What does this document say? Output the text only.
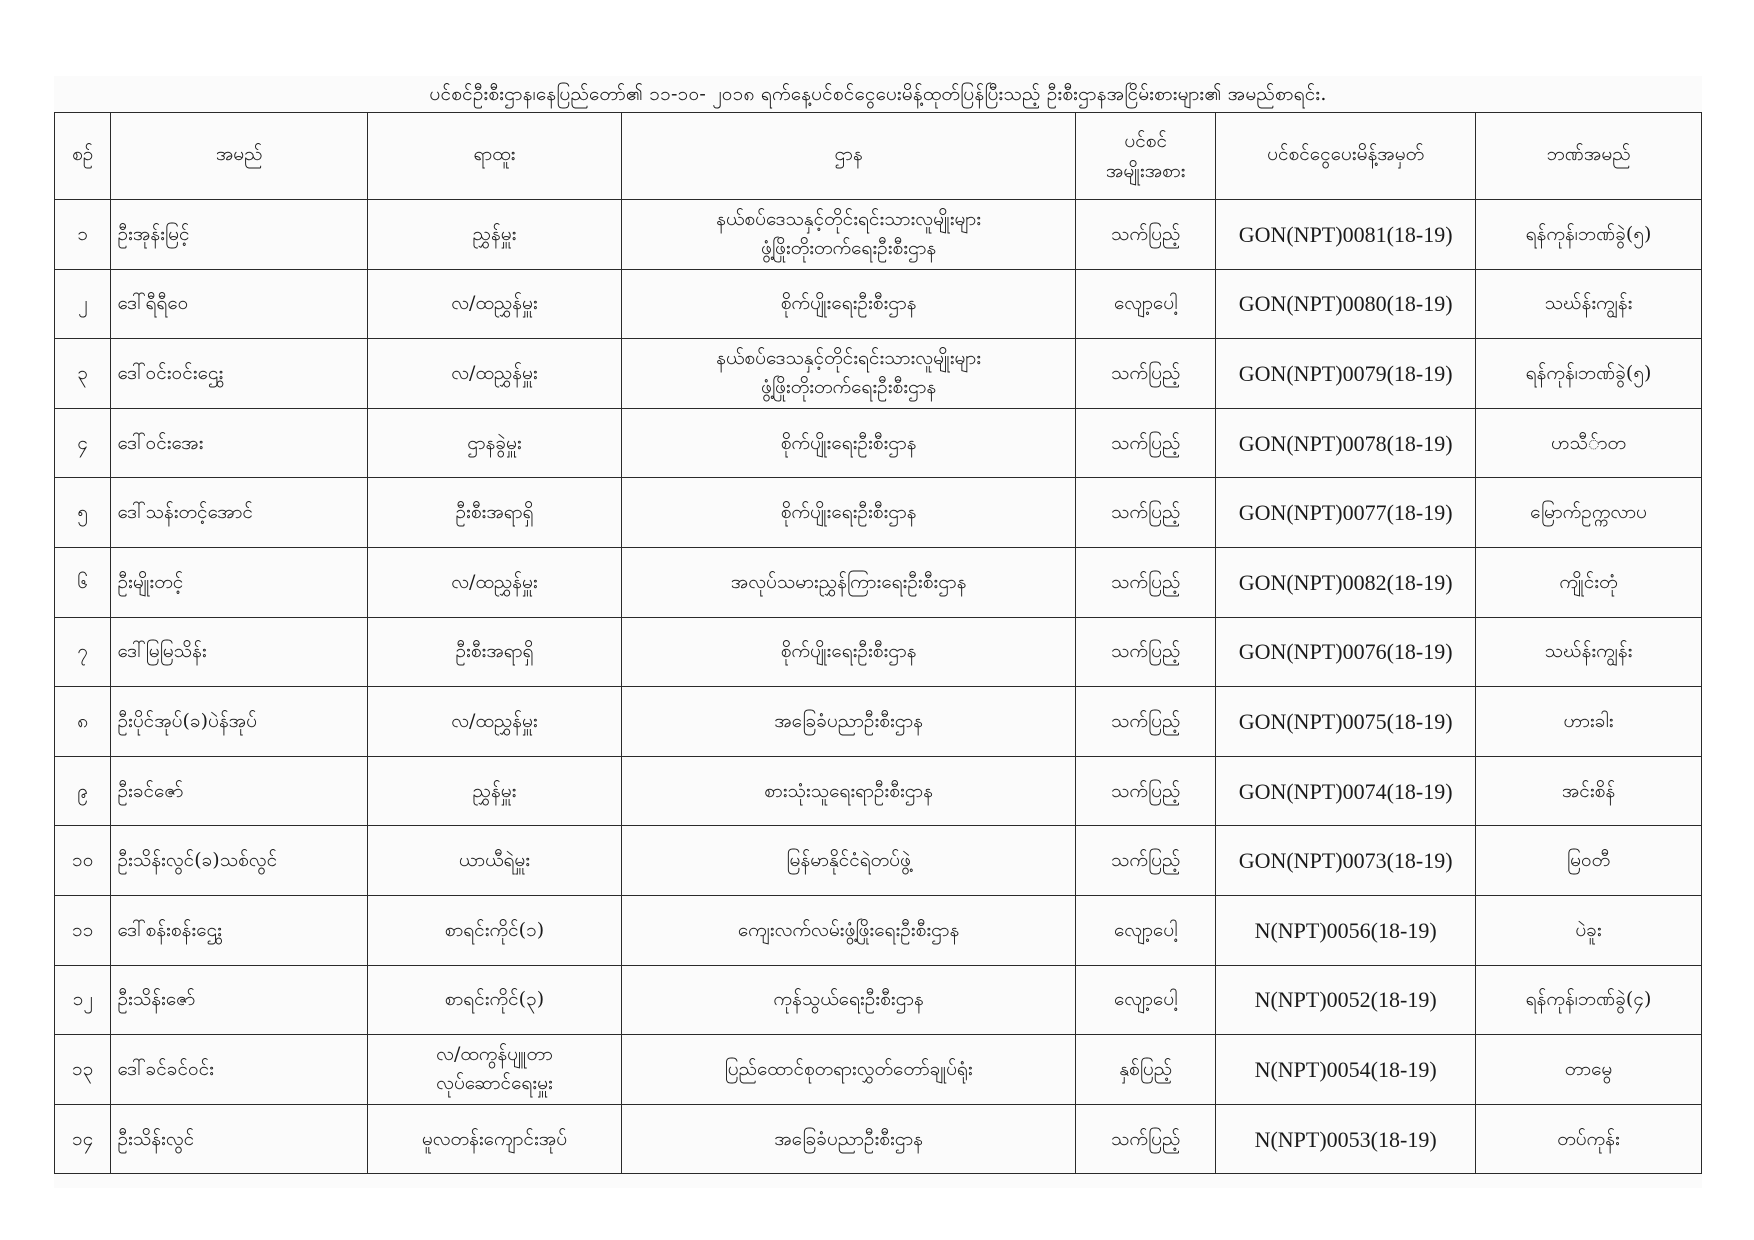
ပင်စင်ဦးစီးဌာန၊နေပြည်တော်၏ ၁၁-၁၀- ၂၀၁၈ ရက်နေ့ပင်စင်ငွေပေးမိန့်ထုတ်ပြန်ပြီးသည့် ဦးစီးဌာနအငြိမ်းစားများ၏ အမည်စာရင်း.
စဉ်	အမည်	ရာထူး	ဌာန	ပင်စင်
အမျိုးအစား	ပင်စင်ငွေပေးမိန့်အမှတ်	ဘဏ်အမည်
၁	ဦးအုန်းမြင့်	ညွှန်မှူး	နယ်စပ်ဒေသနှင့်တိုင်းရင်းသားလူမျိုးများ
ဖွံ့ဖြိုးတိုးတက်ရေးဦးစီးဌာန	သက်ပြည့်	GON(NPT)0081(18-19)	ရန်ကုန်၊ဘဏ်ခွဲ(၅)
၂	ဒေါ်ရီရီဝေ	လ/ထညွှန်မှူး	စိုက်ပျိုးရေးဦးစီးဌာန	လျော့ပေါ့	GON(NPT)0080(18-19)	သဃ်န်းကျွန်း
၃	ဒေါ်ဝင်းဝင်းဌွေး	လ/ထညွှန်မှူး	နယ်စပ်ဒေသနှင့်တိုင်းရင်းသားလူမျိုးများ
ဖွံ့ဖြိုးတိုးတက်ရေးဦးစီးဌာန	သက်ပြည့်	GON(NPT)0079(18-19)	ရန်ကုန်၊ဘဏ်ခွဲ(၅)
၄	ဒေါ်ဝင်းအေး	ဌာနခွဲမှူး	စိုက်ပျိုးရေးဦးစီးဌာန	သက်ပြည့်	GON(NPT)0078(18-19)	ဟသီ်ာတ
၅	ဒေါ်သန်းတင့်အောင်	ဦးစီးအရာရှိ	စိုက်ပျိုးရေးဦးစီးဌာန	သက်ပြည့်	GON(NPT)0077(18-19)	မြောက်ဥက္ကလာပ
၆	ဦးမျိုးတင့်	လ/ထညွှန်မှူး	အလုပ်သမားညွှန်ကြားရေးဦးစီးဌာန	သက်ပြည့်	GON(NPT)0082(18-19)	ကျိုင်းတုံ
၇	ဒေါ်မြမြသိန်း	ဦးစီးအရာရှိ	စိုက်ပျိုးရေးဦးစီးဌာန	သက်ပြည့်	GON(NPT)0076(18-19)	သဃ်န်းကျွန်း
၈	ဦးပိုင်အုပ်(ခ)ပဲန်အုပ်	လ/ထညွှန်မှူး	အခြေခံပညာဦးစီးဌာန	သက်ပြည့်	GON(NPT)0075(18-19)	ဟားခါး
၉	ဦးခင်ဇော်	ညွှန်မှူး	စားသုံးသူရေးရာဦးစီးဌာန	သက်ပြည့်	GON(NPT)0074(18-19)	အင်းစိန်
၁၀	ဦးသိန်းလွင်(ခ)သစ်လွင်	ယာယီရဲမှူး	မြန်မာနိုင်ငံရဲတပ်ဖွဲ့	သက်ပြည့်	GON(NPT)0073(18-19)	မြဝတီ
၁၁	ဒေါ်စန်းစန်းဌွေး	စာရင်းကိုင်(၁)	ကျေးလက်လမ်းဖွံ့ဖြိုးရေးဦးစီးဌာန	လျော့ပေါ့	N(NPT)0056(18-19)	ပဲခူး
၁၂	ဦးသိန်းဇော်	စာရင်းကိုင်(၃)	ကုန်သွယ်ရေးဦးစီးဌာန	လျော့ပေါ့	N(NPT)0052(18-19)	ရန်ကုန်၊ဘဏ်ခွဲ(၄)
၁၃	ဒေါ်ခင်ခင်ဝင်း	လ/ထကွန်ပျူတာ
လုပ်ဆောင်ရေးမှူး	ပြည်ထောင်စုတရားလွှတ်တော်ချုပ်ရုံး	နှစ်ပြည့်	N(NPT)0054(18-19)	တာမွေ
၁၄	ဦးသိန်းလွင်	မူလတန်းကျောင်းအုပ်	အခြေခံပညာဦးစီးဌာန	သက်ပြည့်	N(NPT)0053(18-19)	တပ်ကုန်း
